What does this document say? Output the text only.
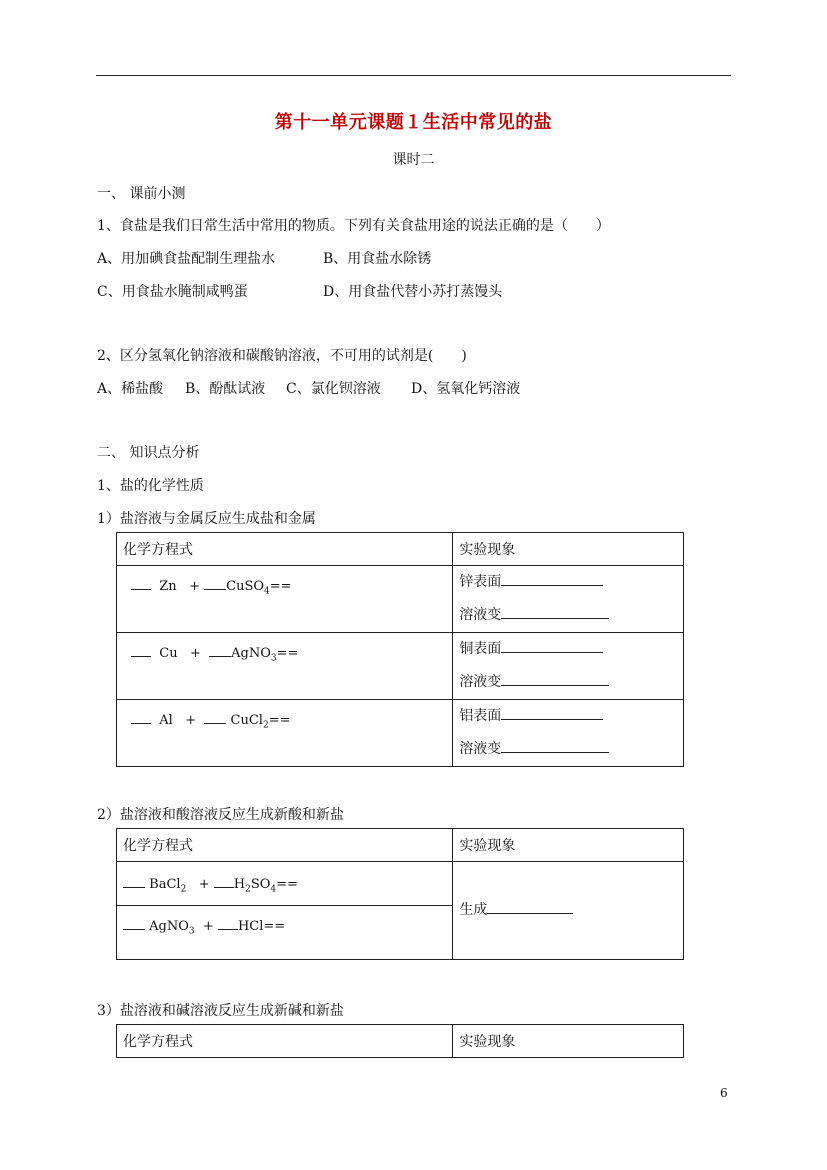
第十一单元课题１生活中常见的盐
课时二
一、 课前小测
1、食盐是我们日常生活中常用的物质。下列有关食盐用途的说法正确的是（　　）
A、用加碘食盐配制生理盐水	B、用食盐水除锈
C、用食盐水腌制咸鸭蛋	D、用食盐代替小苏打蒸馒头
2、区分氢氧化钠溶液和碳酸钠溶液，不可用的试剂是(　　)
A、稀盐酸 B、酚酞试液 C、氯化钡溶液 D、氢氧化钙溶液
二、 知识点分析
1、盐的化学性质
1）盐溶液与金属反应生成盐和金属
化学方程式	实验现象

Zn + CuSO$_4$==	锌表面
溶液变

Cu + AgNO$_3$==	铜表面
溶液变

Al + CuCl$_2$==	铝表面
溶液变
2）盐溶液和酸溶液反应生成新酸和新盐
化学方程式	实验现象

BaCl$_2$ + $H_2SO_4==$	生成

AgNO$_3$ + HCl==	
3）盐溶液和碱溶液反应生成新碱和新盐
化学方程式	实验现象
6
